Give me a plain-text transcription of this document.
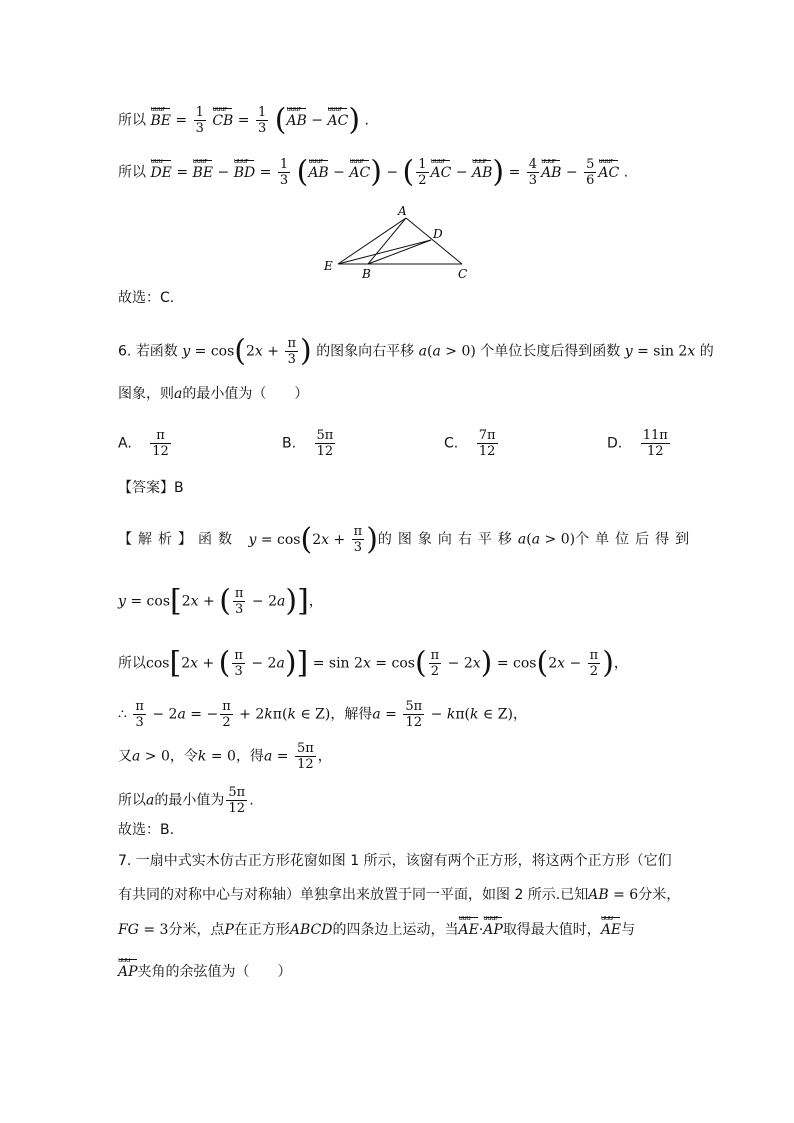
所以 BE uuur = $\frac{1}{3}$ CB uuur = $\frac{1}{3} (AB$ uuur − AC uuur) .
所以 DE uuu = BE uuur − BD uuur = $\frac{1}{3} (AB$ uuur − AC uuur) − ( $\frac{1}{2}$ AC uuur − AB uuur) = $\frac{4}{3}$ AB uuur − $\frac{5}{6}$ AC uuur .
A
D
E
B	C
故选：C.
6. 若函数 $y = \cos(2x + \frac{\pi}{3}$ ) 的图象向右平移 a(a > 0) 个单位长度后得到函数 y = sin 2x 的
图象，则a的最小值为（　　）
A. $\frac{\pi}{12}$	B. $\frac{5\pi}{12}$	C. $\frac{7\pi}{12}$	D. $\frac{11\pi}{12}$
【答案】B
【解析】函数 $y = \cos(2x + \frac{\pi}{3}$ )的图象向右平移a(a > 0)个单位后得到
y = cos[2x + ( $\frac{\pi}{3} - 2a$)]，
所以cos[2x + ( $\frac{\pi}{3} - 2a)] = \sin 2x = \cos( \frac{\pi}{2} - 2x) = \cos(2x - \frac{\pi}{2}$ )，
∴ $\frac{\pi}{3} - 2a$ = − $\frac{\pi}{2} + 2k\pi(k$ ∈ Z)，解得$a = \frac{5\pi}{12} - k\pi(k$ ∈ Z)，
又a > 0，令k = 0，得$a = \frac{5\pi}{12}$ ，
所以a的最小值为 $\frac{5\pi}{12}$ .
故选：B.
7. 一扇中式实木仿古正方形花窗如图 1 所示，该窗有两个正方形，将这两个正方形（它们
有共同的对称中心与对称轴）单独拿出来放置于同一平面，如图 2 所示.已知AB = 6分米，
FG = 3分米，点P在正方形ABCD的四条边上运动，当AE uuu·AP uuur取得最大值时，AE uuu与
AP uuu夹角的余弦值为（　　）
